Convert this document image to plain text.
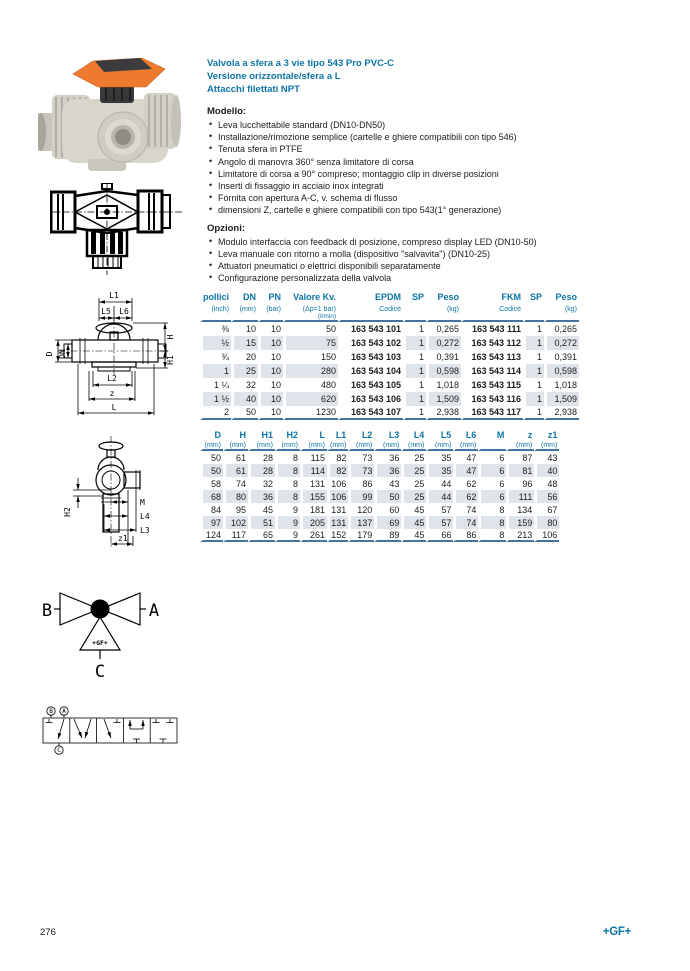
L1
L5 L6
D DN
H
H1
L2
z
L
H2
M
L4
L3
z1
B	A
C
+GF+
B A
C
Valvola a sfera a 3 vie tipo 543 Pro PVC-C
Versione orizzontale/sfera a L
Attacchi filettati NPT
Modello:
• Leva lucchettabile standard (DN10-DN50)
• Installazione/rimozione semplice (cartelle e ghiere compatibili con tipo 546)
• Tenuta sfera in PTFE
• Angolo di manovra 360° senza limitatore di corsa
• Limitatore di corsa a 90° compreso; montaggio clip in diverse posizioni
• Inserti di fissaggio in acciaio inox integrati
• Fornita con apertura A-C, v. schema di flusso
• dimensioni Z, cartelle e ghiere compatibili con tipo 543(1° generazione)
Opzioni:
• Modulo interfaccia con feedback di posizione, compreso display LED (DN10-50)
• Leva manuale con ritorno a molla (dispositivo "salvavita") (DN10-25)
• Attuatori pneumatici o elettrici disponibili separatamente
• Configurazione personalizzata della valvola
pollici	DN	PN	Valore Kv.	EPDM	SP	Peso	FKM	SP	Peso
(inch)	(mm)	(bar)	(Δp=1 bar)	Codice		(kg)	Codice		(kg)
			(l/min)						
⅜	10	10	50	163 543 101	1	0,265	163 543 111	1	0,265
½	15	10	75	163 543 102	1	0,272	163 543 112	1	0,272
¾	20	10	150	163 543 103	1	0,391	163 543 113	1	0,391
1	25	10	280	163 543 104	1	0,598	163 543 114	1	0,598
1 ¼	32	10	480	163 543 105	1	1,018	163 543 115	1	1,018
1 ½	40	10	620	163 543 106	1	1,509	163 543 116	1	1,509
2	50	10	1230	163 543 107	1	2,938	163 543 117	1	2,938
D	H	H1	H2	L	L1	L2	L3	L4	L5	L6	M	z	z1
(mm)	(mm)	(mm)	(mm)	(mm)	(mm)	(mm)	(mm)	(mm)	(mm)	(mm)		(mm)	(mm)
50	61	28	8	115	82	73	36	25	35	47	6	87	43
50	61	28	8	114	82	73	36	25	35	47	6	81	40
58	74	32	8	131	106	86	43	25	44	62	6	96	48
68	80	36	8	155	106	99	50	25	44	62	6	111	56
84	95	45	9	181	131	120	60	45	57	74	8	134	67
97	102	51	9	205	131	137	69	45	57	74	8	159	80
124	117	65	9	261	152	179	89	45	66	86	8	213	106
276	+GF+
